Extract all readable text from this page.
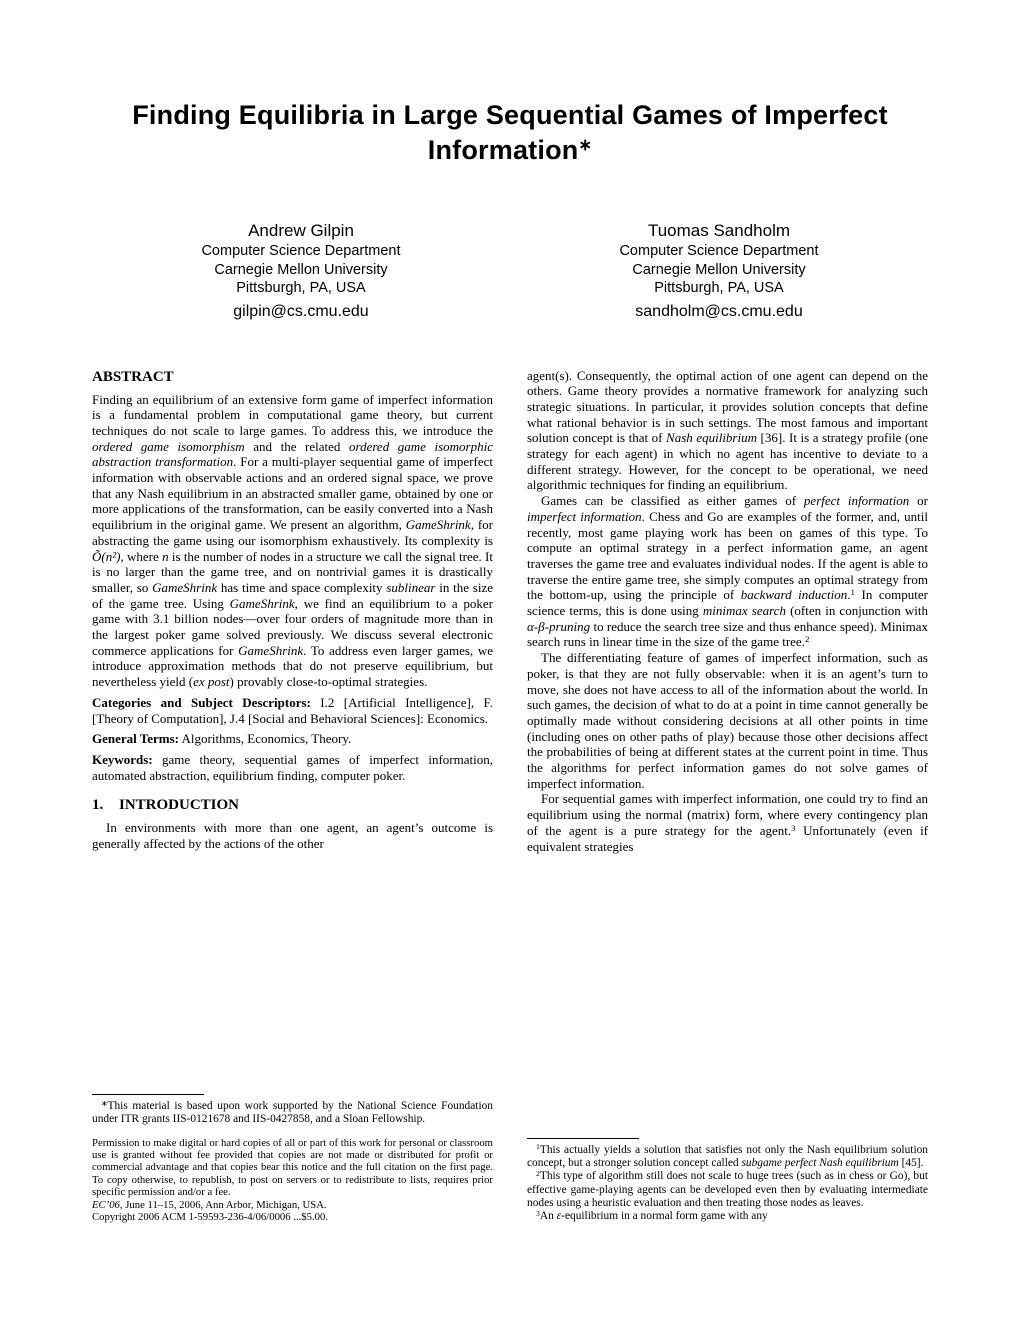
Finding Equilibria in Large Sequential Games of Imperfect
Information∗
Andrew Gilpin
Computer Science Department
Carnegie Mellon University
Pittsburgh, PA, USA
gilpin@cs.cmu.edu
Tuomas Sandholm
Computer Science Department
Carnegie Mellon University
Pittsburgh, PA, USA
sandholm@cs.cmu.edu
ABSTRACT

Finding an equilibrium of an extensive form game of imperfect information is a fundamental problem in computational game theory, but current techniques do not scale to large games. To address this, we introduce the ordered game isomorphism and the related ordered game isomorphic abstraction transformation. For a multi-player sequential game of imperfect information with observable actions and an ordered signal space, we prove that any Nash equilibrium in an abstracted smaller game, obtained by one or more applications of the transformation, can be easily converted into a Nash equilibrium in the original game. We present an algorithm, GameShrink, for abstracting the game using our isomorphism exhaustively. Its complexity is Õ(n²), where n is the number of nodes in a structure we call the signal tree. It is no larger than the game tree, and on nontrivial games it is drastically smaller, so GameShrink has time and space complexity sublinear in the size of the game tree. Using GameShrink, we find an equilibrium to a poker game with 3.1 billion nodes—over four orders of magnitude more than in the largest poker game solved previously. We discuss several electronic commerce applications for GameShrink. To address even larger games, we introduce approximation methods that do not preserve equilibrium, but nevertheless yield (ex post) provably close-to-optimal strategies.

Categories and Subject Descriptors: I.2 [Artificial Intelligence], F. [Theory of Computation], J.4 [Social and Behavioral Sciences]: Economics.

General Terms: Algorithms, Economics, Theory.

Keywords: game theory, sequential games of imperfect information, automated abstraction, equilibrium finding, computer poker.

1. INTRODUCTION

In environments with more than one agent, an agent’s outcome is generally affected by the actions of the other

∗This material is based upon work supported by the National Science Foundation under ITR grants IIS-0121678 and IIS-0427858, and a Sloan Fellowship.

Permission to make digital or hard copies of all or part of this work for personal or classroom use is granted without fee provided that copies are not made or distributed for profit or commercial advantage and that copies bear this notice and the full citation on the first page. To copy otherwise, to republish, to post on servers or to redistribute to lists, requires prior specific permission and/or a fee.

EC’06, June 11–15, 2006, Ann Arbor, Michigan, USA.

Copyright 2006 ACM 1-59593-236-4/06/0006 ...$5.00.

agent(s). Consequently, the optimal action of one agent can depend on the others. Game theory provides a normative framework for analyzing such strategic situations. In particular, it provides solution concepts that define what rational behavior is in such settings. The most famous and important solution concept is that of Nash equilibrium [36]. It is a strategy profile (one strategy for each agent) in which no agent has incentive to deviate to a different strategy. However, for the concept to be operational, we need algorithmic techniques for finding an equilibrium.

Games can be classified as either games of perfect information or imperfect information. Chess and Go are examples of the former, and, until recently, most game playing work has been on games of this type. To compute an optimal strategy in a perfect information game, an agent traverses the game tree and evaluates individual nodes. If the agent is able to traverse the entire game tree, she simply computes an optimal strategy from the bottom-up, using the principle of backward induction.$^1$ In computer science terms, this is done using minimax search (often in conjunction with α-β-pruning to reduce the search tree size and thus enhance speed). Minimax search runs in linear time in the size of the game tree.$^2$

The differentiating feature of games of imperfect information, such as poker, is that they are not fully observable: when it is an agent’s turn to move, she does not have access to all of the information about the world. In such games, the decision of what to do at a point in time cannot generally be optimally made without considering decisions at all other points in time (including ones on other paths of play) because those other decisions affect the probabilities of being at different states at the current point in time. Thus the algorithms for perfect information games do not solve games of imperfect information.

For sequential games with imperfect information, one could try to find an equilibrium using the normal (matrix) form, where every contingency plan of the agent is a pure strategy for the agent.$^3$ Unfortunately (even if equivalent strategies

$^1$This actually yields a solution that satisfies not only the Nash equilibrium solution concept, but a stronger solution concept called subgame perfect Nash equilibrium [45].

$^2$This type of algorithm still does not scale to huge trees (such as in chess or Go), but effective game-playing agents can be developed even then by evaluating intermediate nodes using a heuristic evaluation and then treating those nodes as leaves.

$^3$An ε-equilibrium in a normal form game with any
